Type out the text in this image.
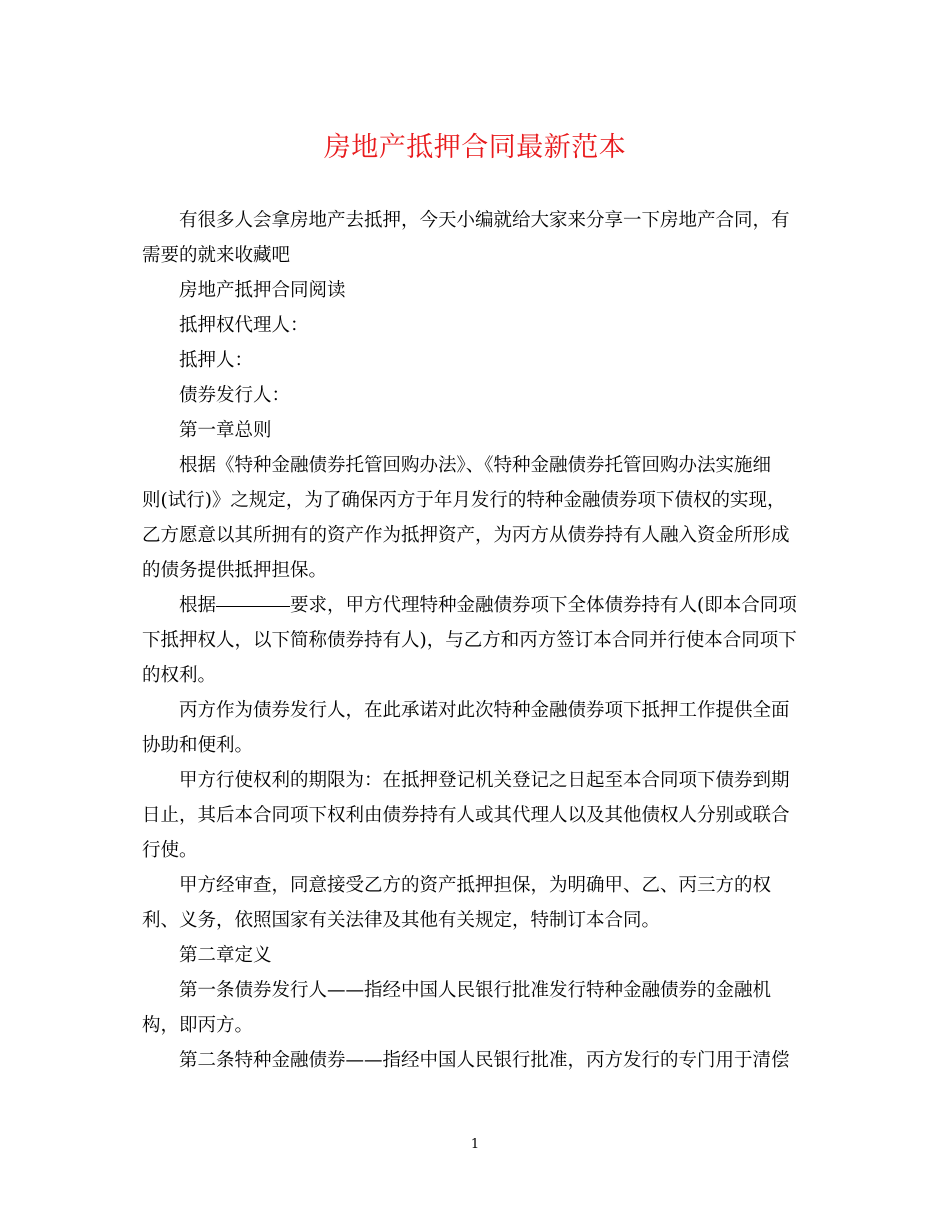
房地产抵押合同最新范本

有很多人会拿房地产去抵押，今天小编就给大家来分享一下房地产合同，有
需要的就来收藏吧

房地产抵押合同阅读

抵押权代理人：

抵押人：

债券发行人：

第一章总则

根据《特种金融债券托管回购办法》、《特种金融债券托管回购办法实施细
则(试行)》之规定，为了确保丙方于年月发行的特种金融债券项下债权的实现，
乙方愿意以其所拥有的资产作为抵押资产，为丙方从债券持有人融入资金所形成
的债务提供抵押担保。

根据	要求，甲方代理特种金融债券项下全体债券持有人(即本合同项
下抵押权人，以下简称债券持有人)，与乙方和丙方签订本合同并行使本合同项下
的权利。

丙方作为债券发行人，在此承诺对此次特种金融债券项下抵押工作提供全面
协助和便利。

甲方行使权利的期限为：在抵押登记机关登记之日起至本合同项下债券到期
日止，其后本合同项下权利由债券持有人或其代理人以及其他债权人分别或联合
行使。

甲方经审查，同意接受乙方的资产抵押担保，为明确甲、乙、丙三方的权
利、义务，依照国家有关法律及其他有关规定，特制订本合同。

第二章定义

第一条债券发行人——指经中国人民银行批准发行特种金融债券的金融机
构，即丙方。

第二条特种金融债券——指经中国人民银行批准，丙方发行的专门用于清偿

1
